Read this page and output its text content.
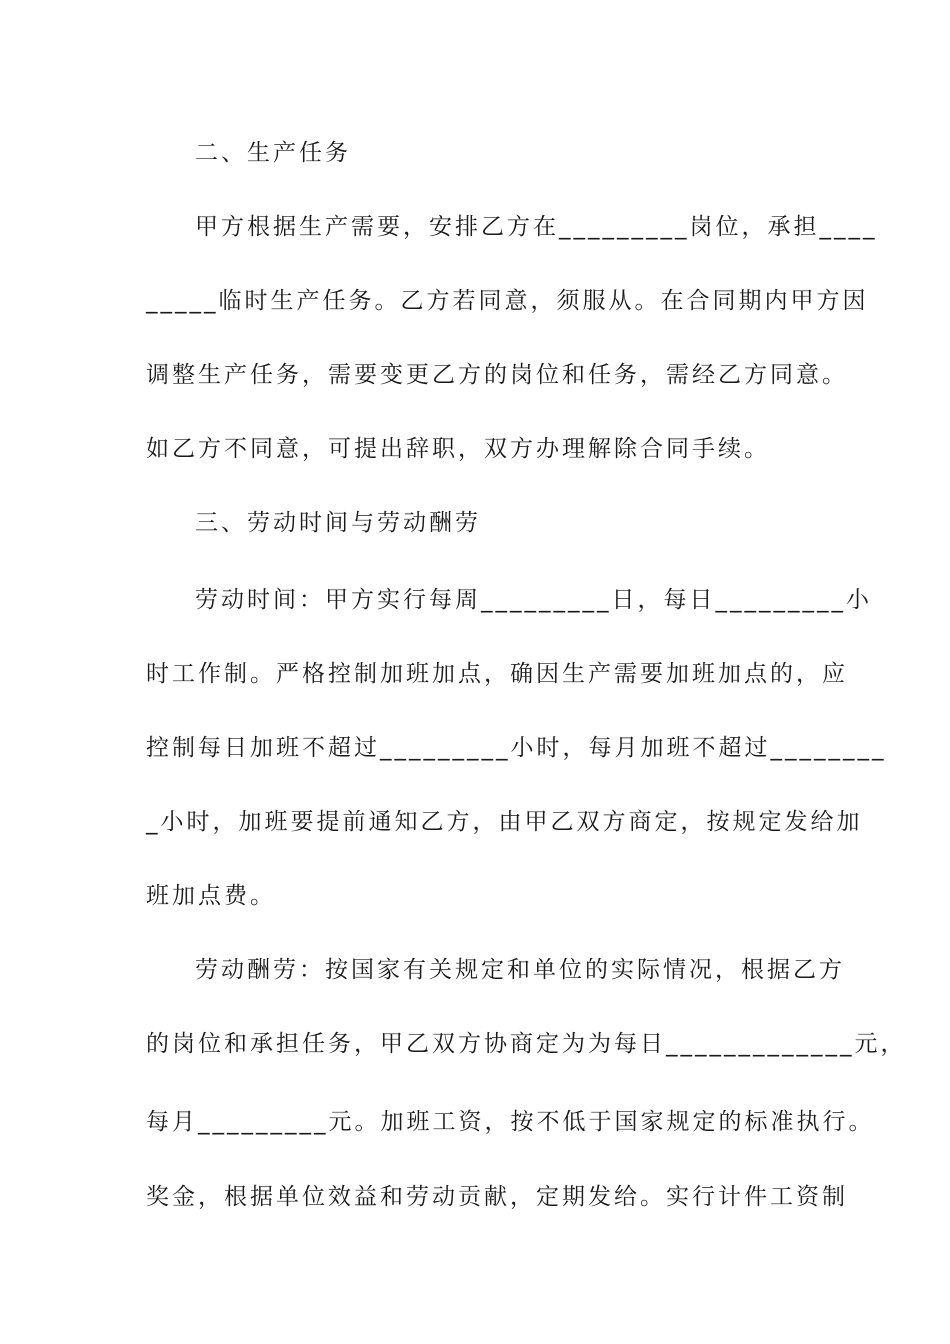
二、生产任务
甲方根据生产需要，安排乙方在_________岗位，承担____
_____临时生产任务。乙方若同意，须服从。在合同期内甲方因
调整生产任务，需要变更乙方的岗位和任务，需经乙方同意。
如乙方不同意，可提出辞职，双方办理解除合同手续。
三、劳动时间与劳动酬劳
劳动时间：甲方实行每周_________日，每日_________小
时工作制。严格控制加班加点，确因生产需要加班加点的，应
控制每日加班不超过_________小时，每月加班不超过________
_小时，加班要提前通知乙方，由甲乙双方商定，按规定发给加
班加点费。
劳动酬劳：按国家有关规定和单位的实际情况，根据乙方
的岗位和承担任务，甲乙双方协商定为为每日_____________元，
每月_________元。加班工资，按不低于国家规定的标准执行。
奖金，根据单位效益和劳动贡献，定期发给。实行计件工资制
